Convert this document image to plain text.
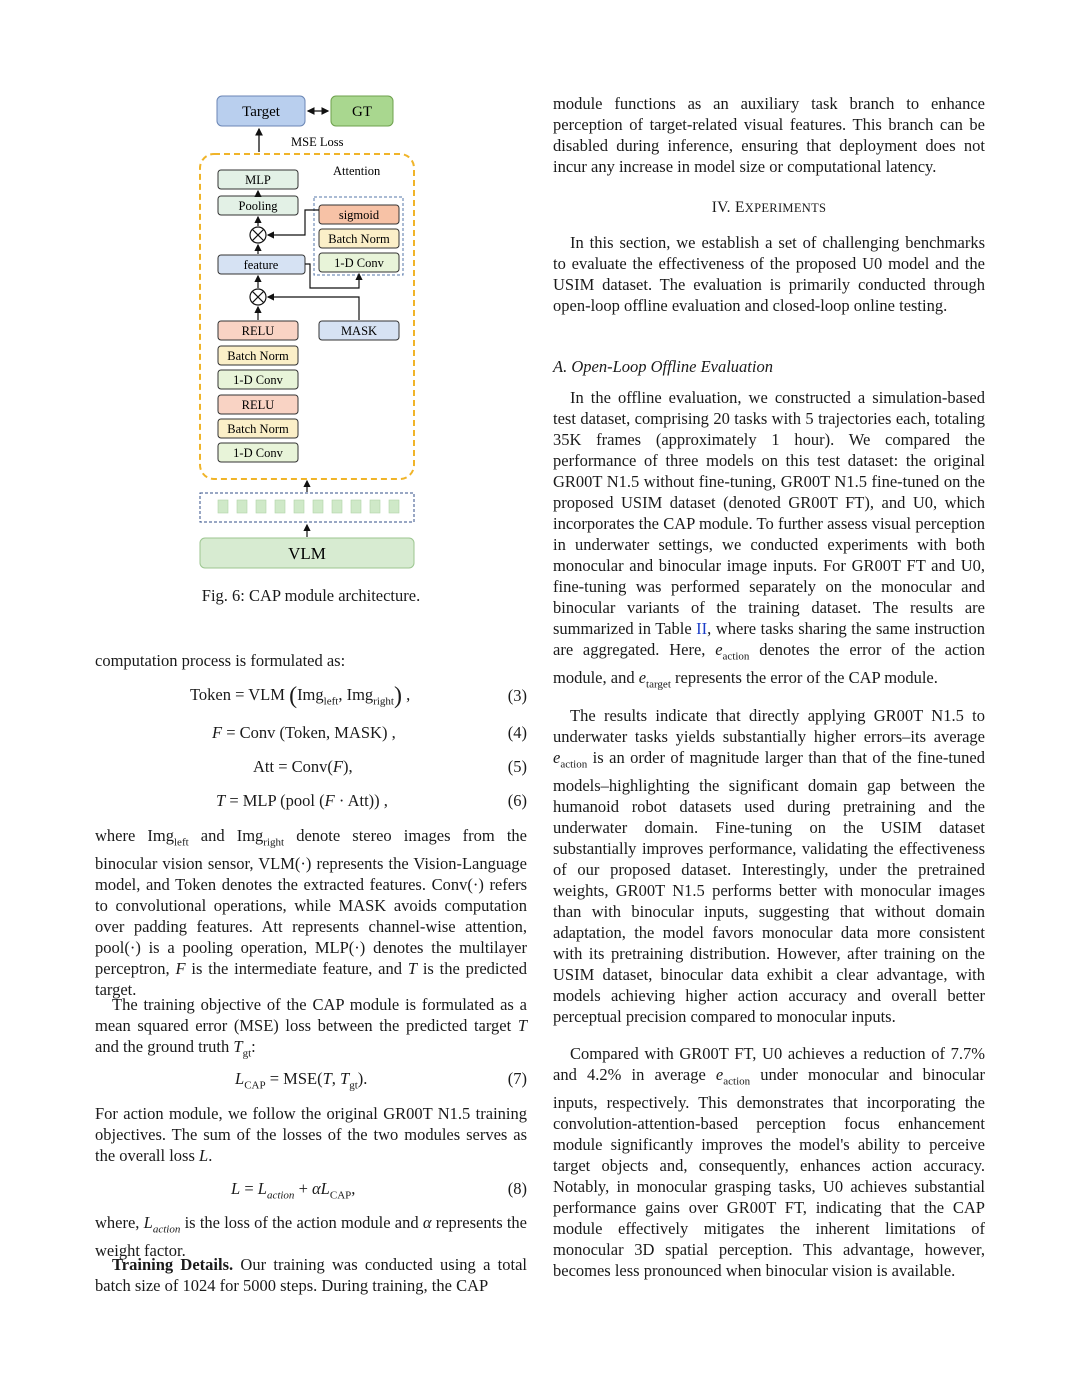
Target	GT
MSE Loss
Attention
MLP
Pooling
feature
sigmoid
Batch Norm
1-D Conv
RELU	MASK
Batch Norm
1-D Conv
RELU
Batch Norm
1-D Conv
VLM
Fig. 6: CAP module architecture.

computation process is formulated as:

Token = VLM (Img$_{left}$, Img$_{right}$) ,	(3)
F = Conv (Token, MASK) ,	(4)
Att = Conv(F),	(5)
T = MLP (pool (F · Att)) ,	(6)

where Img$_{left}$ and Img$_{right}$ denote stereo images from the binocular vision sensor, VLM(·) represents the Vision-Language model, and Token denotes the extracted features. Conv(·) refers to convolutional operations, while MASK avoids computation over padding features. Att represents channel-wise attention, pool(·) is a pooling operation, MLP(·) denotes the multilayer perceptron, F is the intermediate feature, and T is the predicted target.

The training objective of the CAP module is formulated as a mean squared error (MSE) loss between the predicted target T and the ground truth $T_{gt}$:

$L_{CAP} = MSE(T$, $T_{gt}$).	(7)

For action module, we follow the original GR00T N1.5 training objectives. The sum of the losses of the two modules serves as the overall loss L.

$L = L_{action} + \alpha L_{CAP}$,	(8)

where, $L_{action}$ is the loss of the action module and α represents the weight factor.

Training Details. Our training was conducted using a total batch size of 1024 for 5000 steps. During training, the CAP

module functions as an auxiliary task branch to enhance perception of target-related visual features. This branch can be disabled during inference, ensuring that deployment does not incur any increase in model size or computational latency.

IV. EXPERIMENTS

In this section, we establish a set of challenging benchmarks to evaluate the effectiveness of the proposed U0 model and the USIM dataset. The evaluation is primarily conducted through open-loop offline evaluation and closed-loop online testing.

A. Open-Loop Offline Evaluation

In the offline evaluation, we constructed a simulation-based test dataset, comprising 20 tasks with 5 trajectories each, totaling 35K frames (approximately 1 hour). We compared the performance of three models on this test dataset: the original GR00T N1.5 without fine-tuning, GR00T N1.5 fine-tuned on the proposed USIM dataset (denoted GR00T FT), and U0, which incorporates the CAP module. To further assess visual perception in underwater settings, we conducted experiments with both monocular and binocular image inputs. For GR00T FT and U0, fine-tuning was performed separately on the monocular and binocular variants of the training dataset. The results are summarized in Table II, where tasks sharing the same instruction are aggregated. Here, $e_{action}$ denotes the error of the action module, and $e_{target}$ represents the error of the CAP module.

The results indicate that directly applying GR00T N1.5 to underwater tasks yields substantially higher errors–its average $e_{action}$ is an order of magnitude larger than that of the fine-tuned models–highlighting the significant domain gap between the humanoid robot datasets used during pretraining and the underwater domain. Fine-tuning on the USIM dataset substantially improves performance, validating the effectiveness of our proposed dataset. Interestingly, under the pretrained weights, GR00T N1.5 performs better with monocular images than with binocular inputs, suggesting that without domain adaptation, the model favors monocular data more consistent with its pretraining distribution. However, after training on the USIM dataset, binocular data exhibit a clear advantage, with models achieving higher action accuracy and overall better perceptual precision compared to monocular inputs.

Compared with GR00T FT, U0 achieves a reduction of 7.7% and 4.2% in average $e_{action}$ under monocular and binocular inputs, respectively. This demonstrates that incorporating the convolution-attention-based perception focus enhancement module significantly improves the model's ability to perceive target objects and, consequently, enhances action accuracy. Notably, in monocular grasping tasks, U0 achieves substantial performance gains over GR00T FT, indicating that the CAP module effectively mitigates the inherent limitations of monocular 3D spatial perception. This advantage, however, becomes less pronounced when binocular vision is available.
